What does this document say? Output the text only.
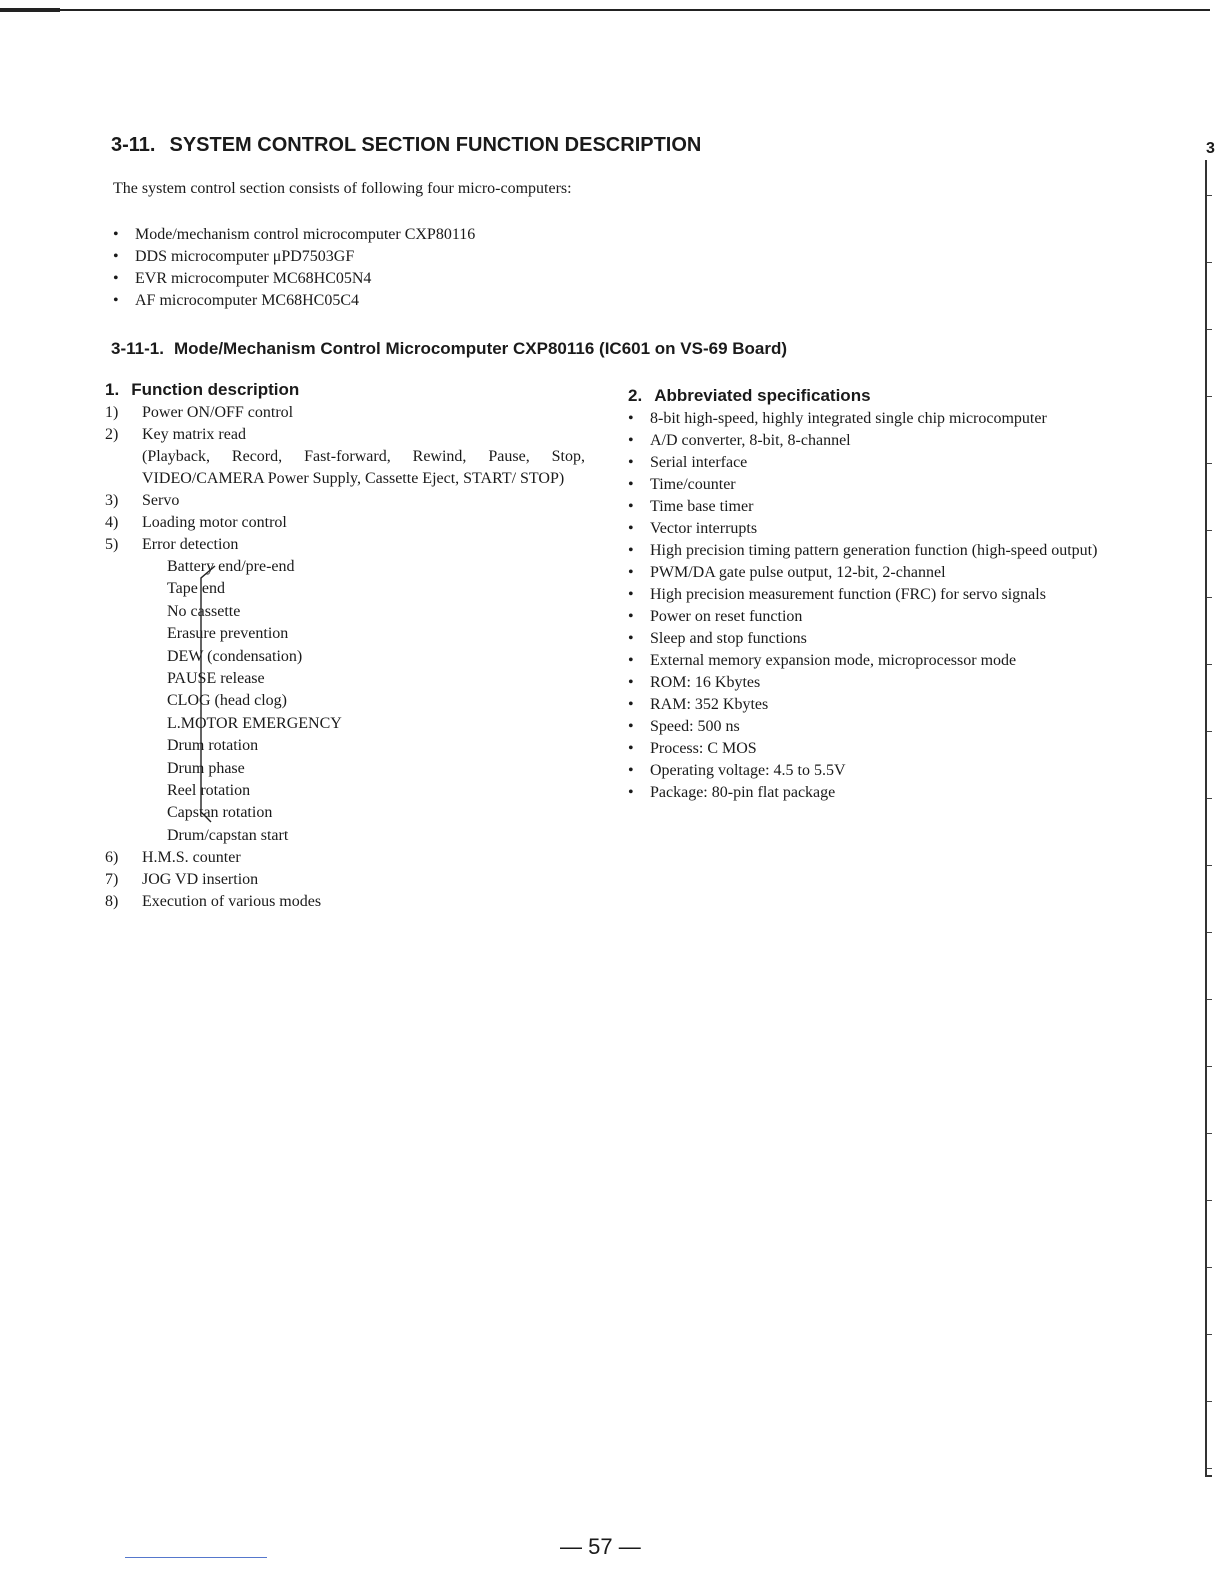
3
3-11. SYSTEM CONTROL SECTION FUNCTION DESCRIPTION

The system control section consists of following four micro-computers:

• Mode/mechanism control microcomputer CXP80116
• DDS microcomputer μPD7503GF
• EVR microcomputer MC68HC05N4
• AF microcomputer MC68HC05C4
3-11-1. Mode/Mechanism Control Microcomputer CXP80116 (IC601 on VS-69 Board)
1. Function description
1)	Power ON/OFF control
2)	Key matrix read
(Playback, Record, Fast-forward, Rewind, Pause, Stop, VIDEO/CAMERA Power Supply, Cassette Eject, START/ STOP)
3)	Servo
4)	Loading motor control
5)	Error detection
Battery end/pre-end
Tape end
No cassette
Erasure prevention
DEW (condensation)
PAUSE release
CLOG (head clog)
L.MOTOR EMERGENCY
Drum rotation
Drum phase
Reel rotation
Capstan rotation
Drum/capstan start
6)	H.M.S. counter
7)	JOG VD insertion
8)	Execution of various modes
2. Abbreviated specifications
•	8-bit high-speed, highly integrated single chip microcomputer
•	A/D converter, 8-bit, 8-channel
•	Serial interface
•	Time/counter
•	Time base timer
•	Vector interrupts
•	High precision timing pattern generation function (high-speed output)
•	PWM/DA gate pulse output, 12-bit, 2-channel
•	High precision measurement function (FRC) for servo signals
•	Power on reset function
•	Sleep and stop functions
•	External memory expansion mode, microprocessor mode
•	ROM: 16 Kbytes
•	RAM: 352 Kbytes
•	Speed: 500 ns
•	Process: C MOS
•	Operating voltage: 4.5 to 5.5V
•	Package: 80-pin flat package
— 57 —
